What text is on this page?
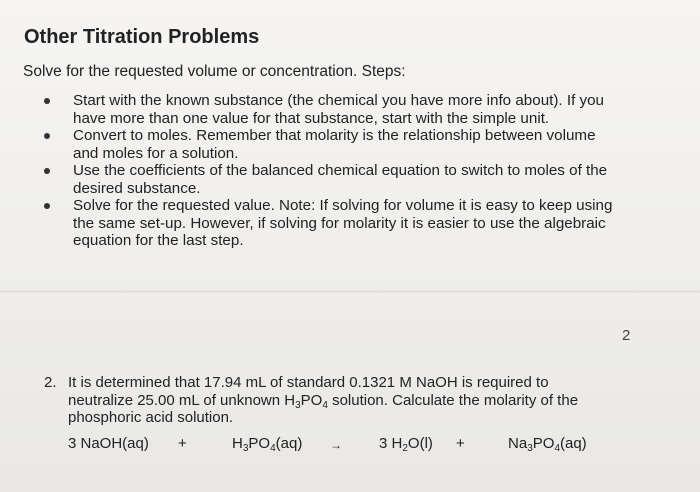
Other Titration Problems
Solve for the requested volume or concentration. Steps:
Start with the known substance (the chemical you have more info about). If you
have more than one value for that substance, start with the simple unit.
Convert to moles. Remember that molarity is the relationship between volume
and moles for a solution.
Use the coefficients of the balanced chemical equation to switch to moles of the
desired substance.
Solve for the requested value. Note: If solving for volume it is easy to keep using
the same set-up. However, if solving for molarity it is easier to use the algebraic
equation for the last step.
2
2. It is determined that 17.94 mL of standard 0.1321 M NaOH is required to
neutralize 25.00 mL of unknown $H_3PO_4$ solution. Calculate the molarity of the
phosphoric acid solution.
3 NaOH(aq) +	$H_3PO_4(aq) \to 3$ $H_2O(l)$ +	$Na_3PO_4(aq)$
